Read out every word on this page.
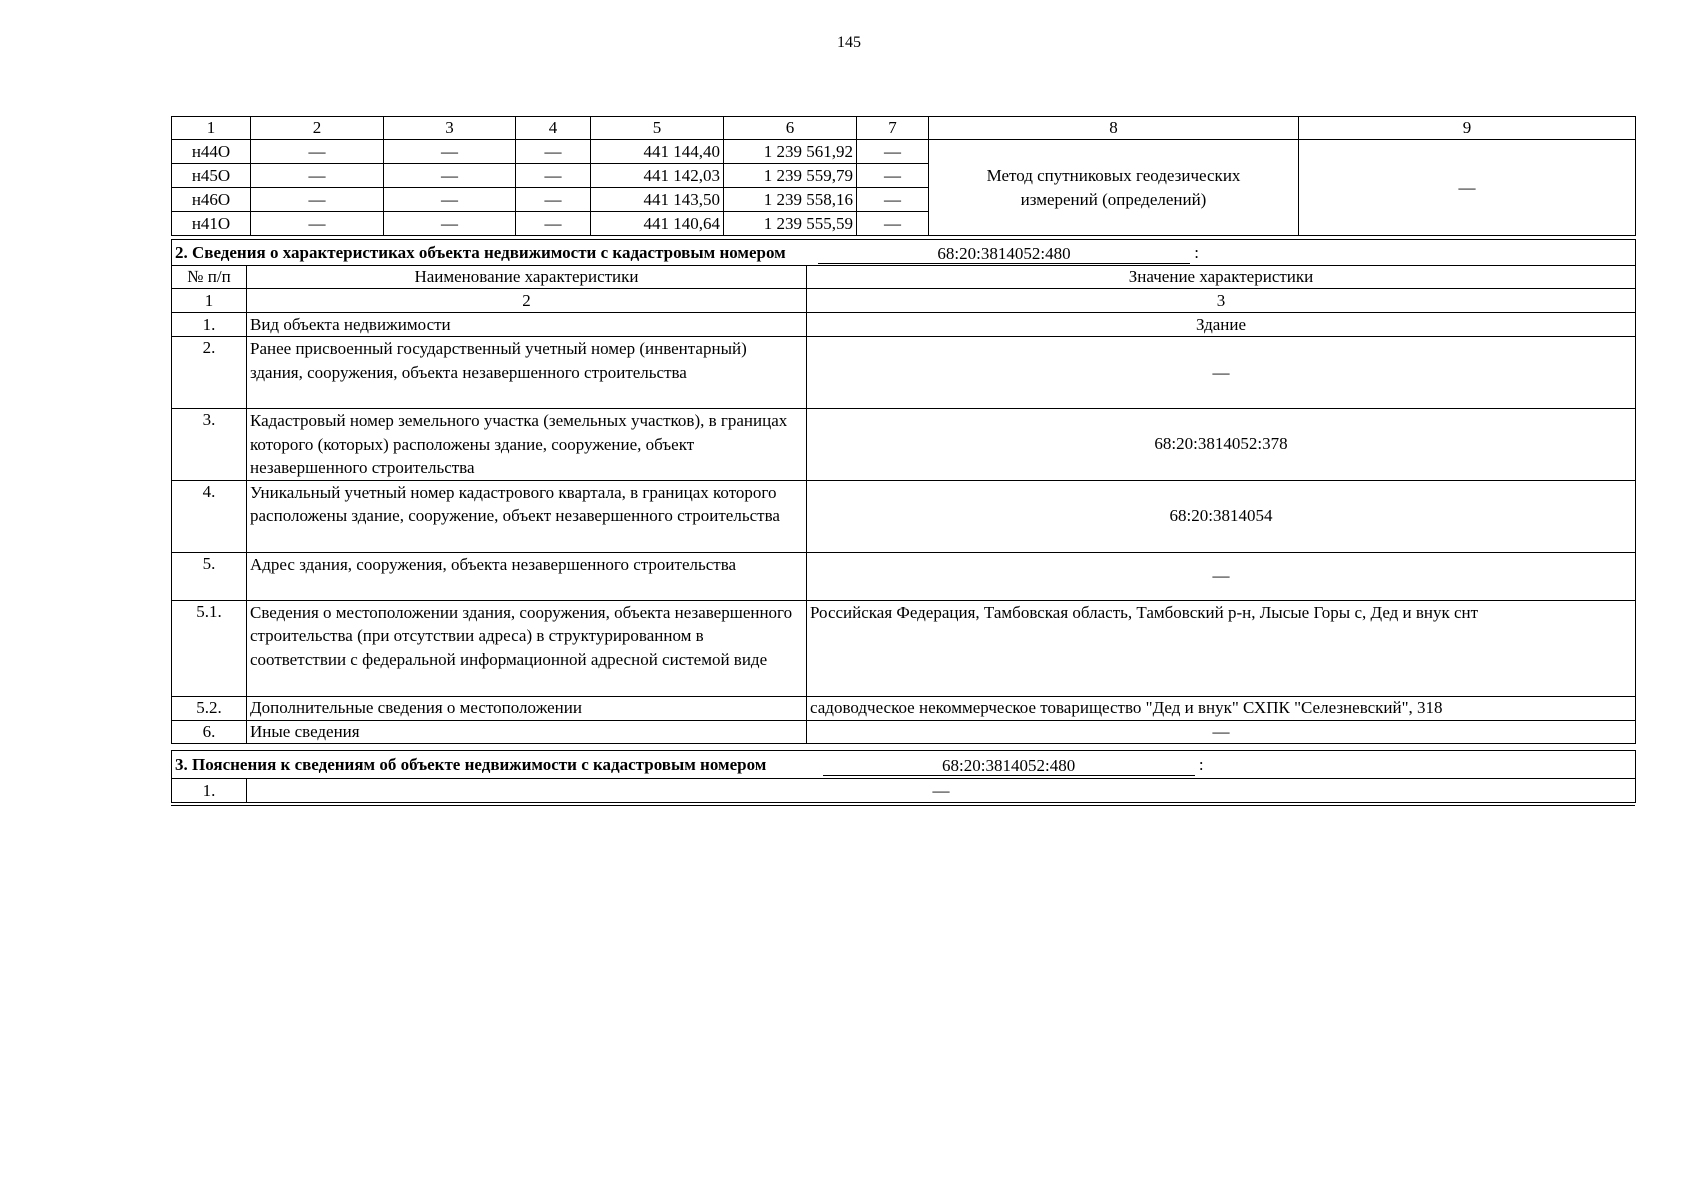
145
1	2	3	4	5	6	7	8	9
н44О	—	—	—	441 144,40	1 239 561,92	—	Метод спутниковых геодезических измерений (определений)	—
н45О	—	—	—	441 142,03	1 239 559,79	—		
н46О	—	—	—	441 143,50	1 239 558,16	—		
н41О	—	—	—	441 140,64	1 239 555,59	—		
2. Сведения о характеристиках объекта недвижимости с кадастровым номером 68:20:3814052:480 :		
№ п/п	Наименование характеристики	Значение характеристики
1	2	3
1.	Вид объекта недвижимости	Здание
2.	Ранее присвоенный государственный учетный номер (инвентарный) здания, сооружения, объекта незавершенного строительства	—
3.	Кадастровый номер земельного участка (земельных участков), в границах которого (которых) расположены здание, сооружение, объект незавершенного строительства	68:20:3814052:378
4.	Уникальный учетный номер кадастрового квартала, в границах которого расположены здание, сооружение, объект незавершенного строительства	68:20:3814054
5.	Адрес здания, сооружения, объекта незавершенного строительства	—
5.1.	Сведения о местоположении здания, сооружения, объекта незавершенного строительства (при отсутствии адреса) в структурированном в соответствии с федеральной информационной адресной системой виде	Российская Федерация, Тамбовская область, Тамбовский р-н, Лысые Горы с, Дед и внук снт
5.2.	Дополнительные сведения о местоположении	садоводческое некоммерческое товарищество "Дед и внук" СХПК "Селезневский", 318
6.	Иные сведения	—
3. Пояснения к сведениям об объекте недвижимости с кадастровым номером	68:20:3814052:480	:
1.	—
